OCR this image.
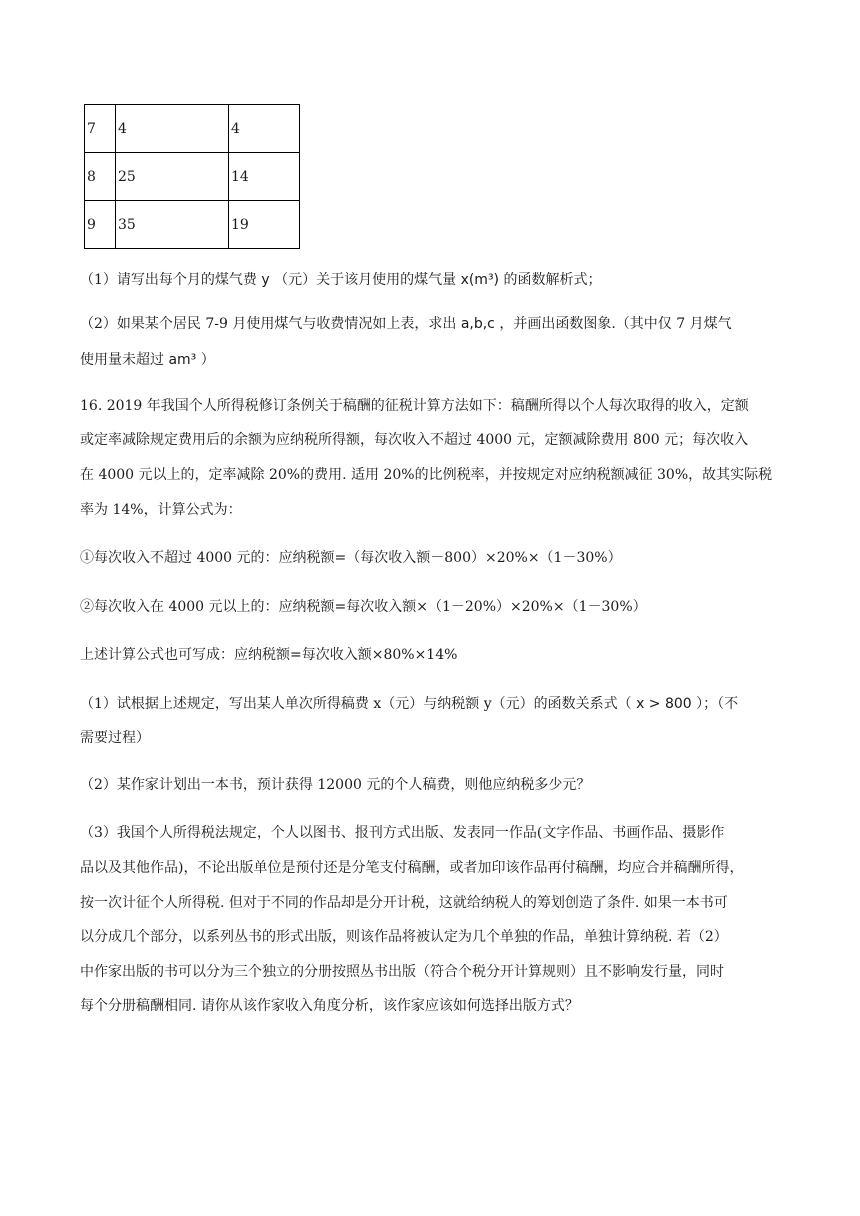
7	4	4
8	25	14
9	35	19
（1）请写出每个月的煤气费 y （元）关于该月使用的煤气量 x(m³) 的函数解析式；
（2）如果某个居民 7-9 月使用煤气与收费情况如上表，求出 a,b,c ，并画出函数图象.（其中仅 7 月煤气
使用量未超过 am³ ）
16. 2019 年我国个人所得税修订条例关于稿酬的征税计算方法如下：稿酬所得以个人每次取得的收入，定额
或定率减除规定费用后的余额为应纳税所得额，每次收入不超过 4000 元，定额减除费用 800 元；每次收入
在 4000 元以上的，定率减除 20%的费用. 适用 20%的比例税率，并按规定对应纳税额减征 30%，故其实际税
率为 14%，计算公式为：
①每次收入不超过 4000 元的：应纳税额=（每次收入额－800）×20%×（1－30%）
②每次收入在 4000 元以上的：应纳税额=每次收入额×（1－20%）×20%×（1－30%）
上述计算公式也可写成：应纳税额=每次收入额×80%×14%
（1）试根据上述规定，写出某人单次所得稿费 x（元）与纳税额 y（元）的函数关系式（ x > 800 ）；（不
需要过程）
（2）某作家计划出一本书，预计获得 12000 元的个人稿费，则他应纳税多少元？
（3）我国个人所得税法规定，个人以图书、报刊方式出版、发表同一作品(文字作品、书画作品、摄影作
品以及其他作品)，不论出版单位是预付还是分笔支付稿酬，或者加印该作品再付稿酬，均应合并稿酬所得，
按一次计征个人所得税. 但对于不同的作品却是分开计税，这就给纳税人的筹划创造了条件. 如果一本书可
以分成几个部分，以系列丛书的形式出版，则该作品将被认定为几个单独的作品，单独计算纳税. 若（2）
中作家出版的书可以分为三个独立的分册按照丛书出版（符合个税分开计算规则）且不影响发行量，同时
每个分册稿酬相同. 请你从该作家收入角度分析，该作家应该如何选择出版方式？
